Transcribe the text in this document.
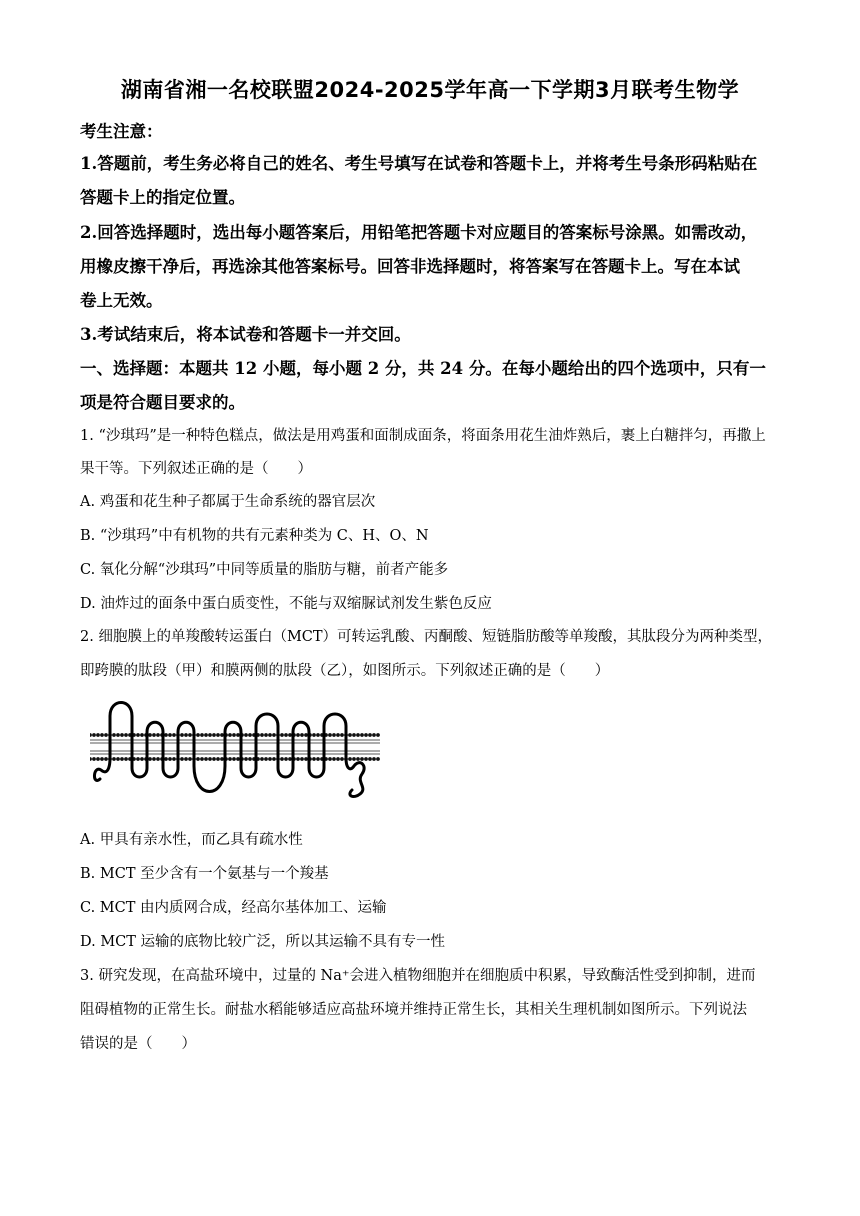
湖南省湘一名校联盟2024-2025学年高一下学期3月联考生物学
考生注意：
1.答题前，考生务必将自己的姓名、考生号填写在试卷和答题卡上，并将考生号条形码粘贴在
答题卡上的指定位置。
2.回答选择题时，选出每小题答案后，用铅笔把答题卡对应题目的答案标号涂黑。如需改动，
用橡皮擦干净后，再选涂其他答案标号。回答非选择题时，将答案写在答题卡上。写在本试
卷上无效。
3.考试结束后，将本试卷和答题卡一并交回。
一、选择题：本题共 12 小题，每小题 2 分，共 24 分。在每小题给出的四个选项中，只有一
项是符合题目要求的。
1. “沙琪玛”是一种特色糕点，做法是用鸡蛋和面制成面条，将面条用花生油炸熟后，裹上白糖拌匀，再撒上
果干等。下列叙述正确的是（　　）
A. 鸡蛋和花生种子都属于生命系统的器官层次
B. “沙琪玛”中有机物的共有元素种类为 C、H、O、N
C. 氧化分解“沙琪玛”中同等质量的脂肪与糖，前者产能多
D. 油炸过的面条中蛋白质变性，不能与双缩脲试剂发生紫色反应
2. 细胞膜上的单羧酸转运蛋白（MCT）可转运乳酸、丙酮酸、短链脂肪酸等单羧酸，其肽段分为两种类型，
即跨膜的肽段（甲）和膜两侧的肽段（乙），如图所示。下列叙述正确的是（　　）
A. 甲具有亲水性，而乙具有疏水性
B. MCT 至少含有一个氨基与一个羧基
C. MCT 由内质网合成，经高尔基体加工、运输
D. MCT 运输的底物比较广泛，所以其运输不具有专一性
3. 研究发现，在高盐环境中，过量的 Na⁺会进入植物细胞并在细胞质中积累，导致酶活性受到抑制，进而
阻碍植物的正常生长。耐盐水稻能够适应高盐环境并维持正常生长，其相关生理机制如图所示。下列说法
错误的是（　　）
